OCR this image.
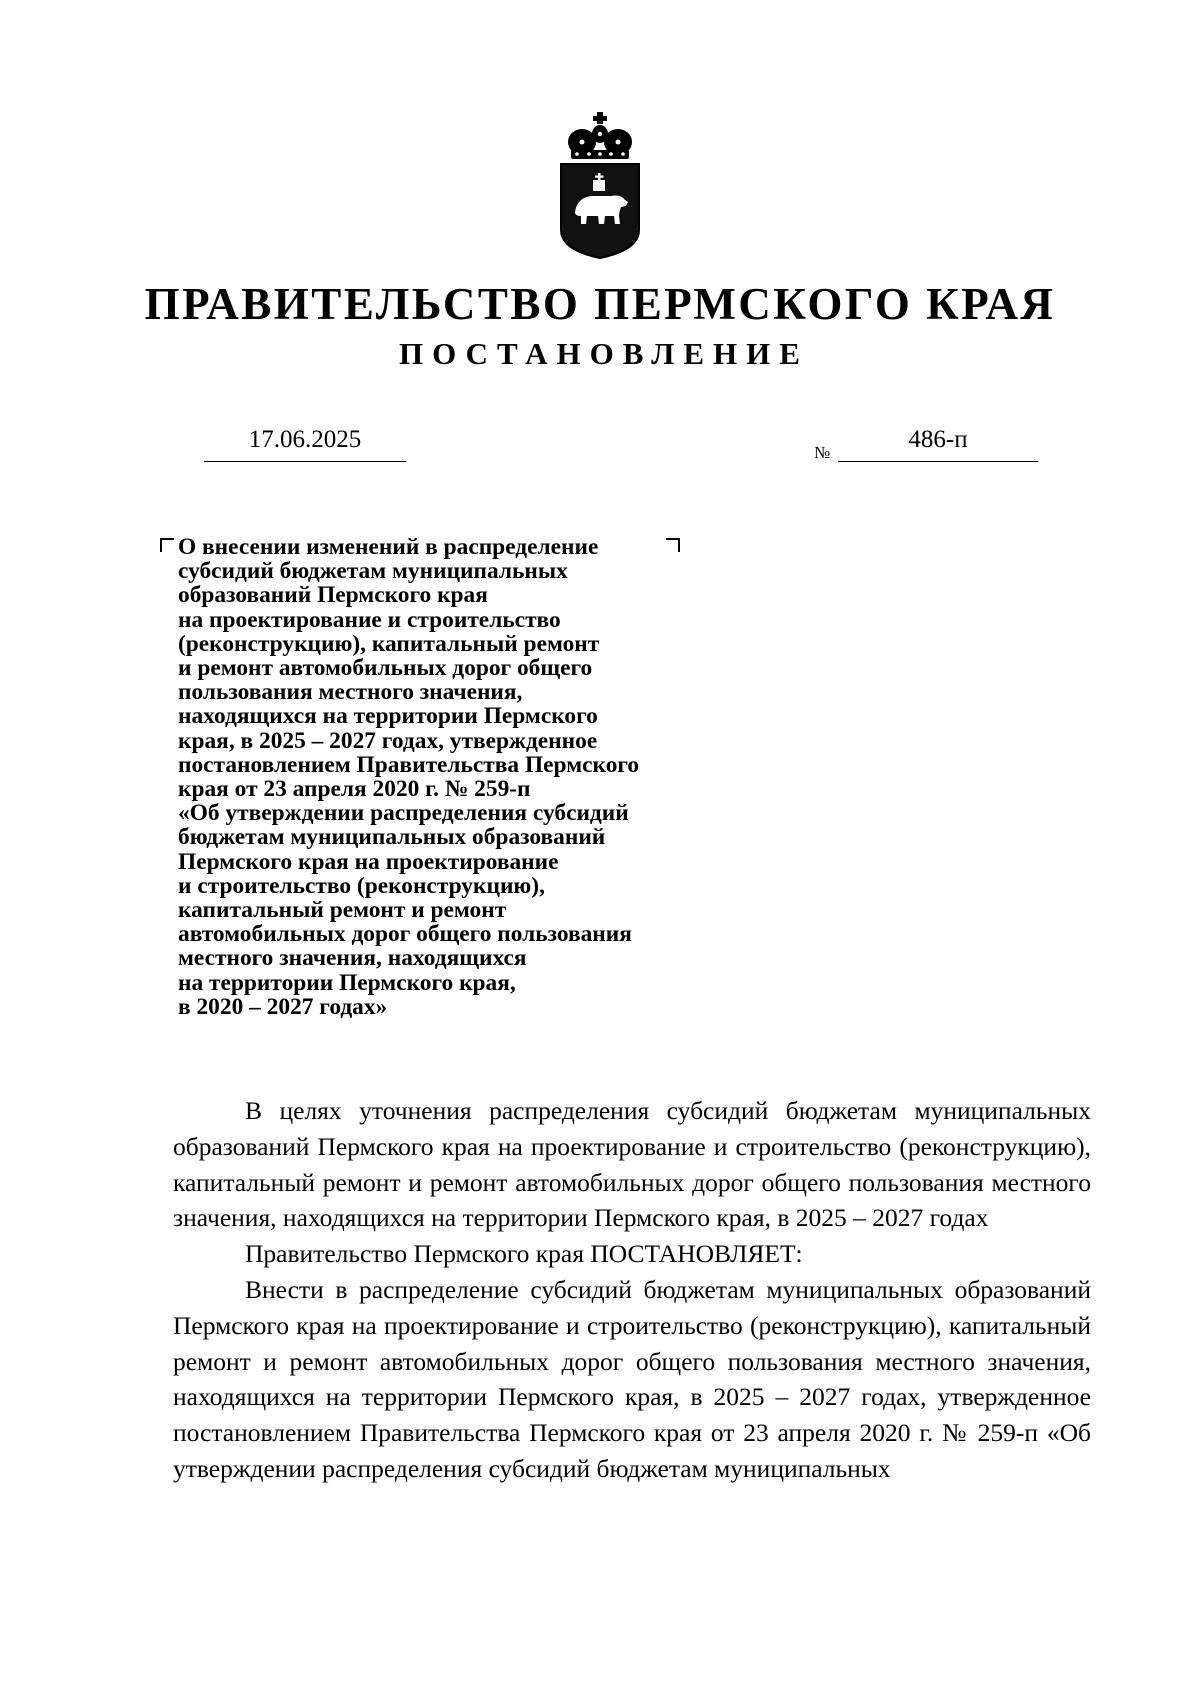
ПРАВИТЕЛЬСТВО ПЕРМСКОГО КРАЯ
ПОСТАНОВЛЕНИЕ
17.06.2025	№	486-п
О внесении изменений в распределение
субсидий бюджетам муниципальных
образований Пермского края
на проектирование и строительство
(реконструкцию), капитальный ремонт
и ремонт автомобильных дорог общего
пользования местного значения,
находящихся на территории Пермского
края, в 2025 – 2027 годах, утвержденное
постановлением Правительства Пермского
края от 23 апреля 2020 г. № 259-п
«Об утверждении распределения субсидий
бюджетам муниципальных образований
Пермского края на проектирование
и строительство (реконструкцию),
капитальный ремонт и ремонт
автомобильных дорог общего пользования
местного значения, находящихся
на территории Пермского края,
в 2020 – 2027 годах»

В целях уточнения распределения субсидий бюджетам муниципальных образований Пермского края на проектирование и строительство (реконструкцию), капитальный ремонт и ремонт автомобильных дорог общего пользования местного значения, находящихся на территории Пермского края, в 2025 – 2027 годах

Правительство Пермского края ПОСТАНОВЛЯЕТ:

Внести в распределение субсидий бюджетам муниципальных образований Пермского края на проектирование и строительство (реконструкцию), капитальный ремонт и ремонт автомобильных дорог общего пользования местного значения, находящихся на территории Пермского края, в 2025 – 2027 годах, утвержденное постановлением Правительства Пермского края от 23 апреля 2020 г. № 259-п «Об утверждении распределения субсидий бюджетам муниципальных
